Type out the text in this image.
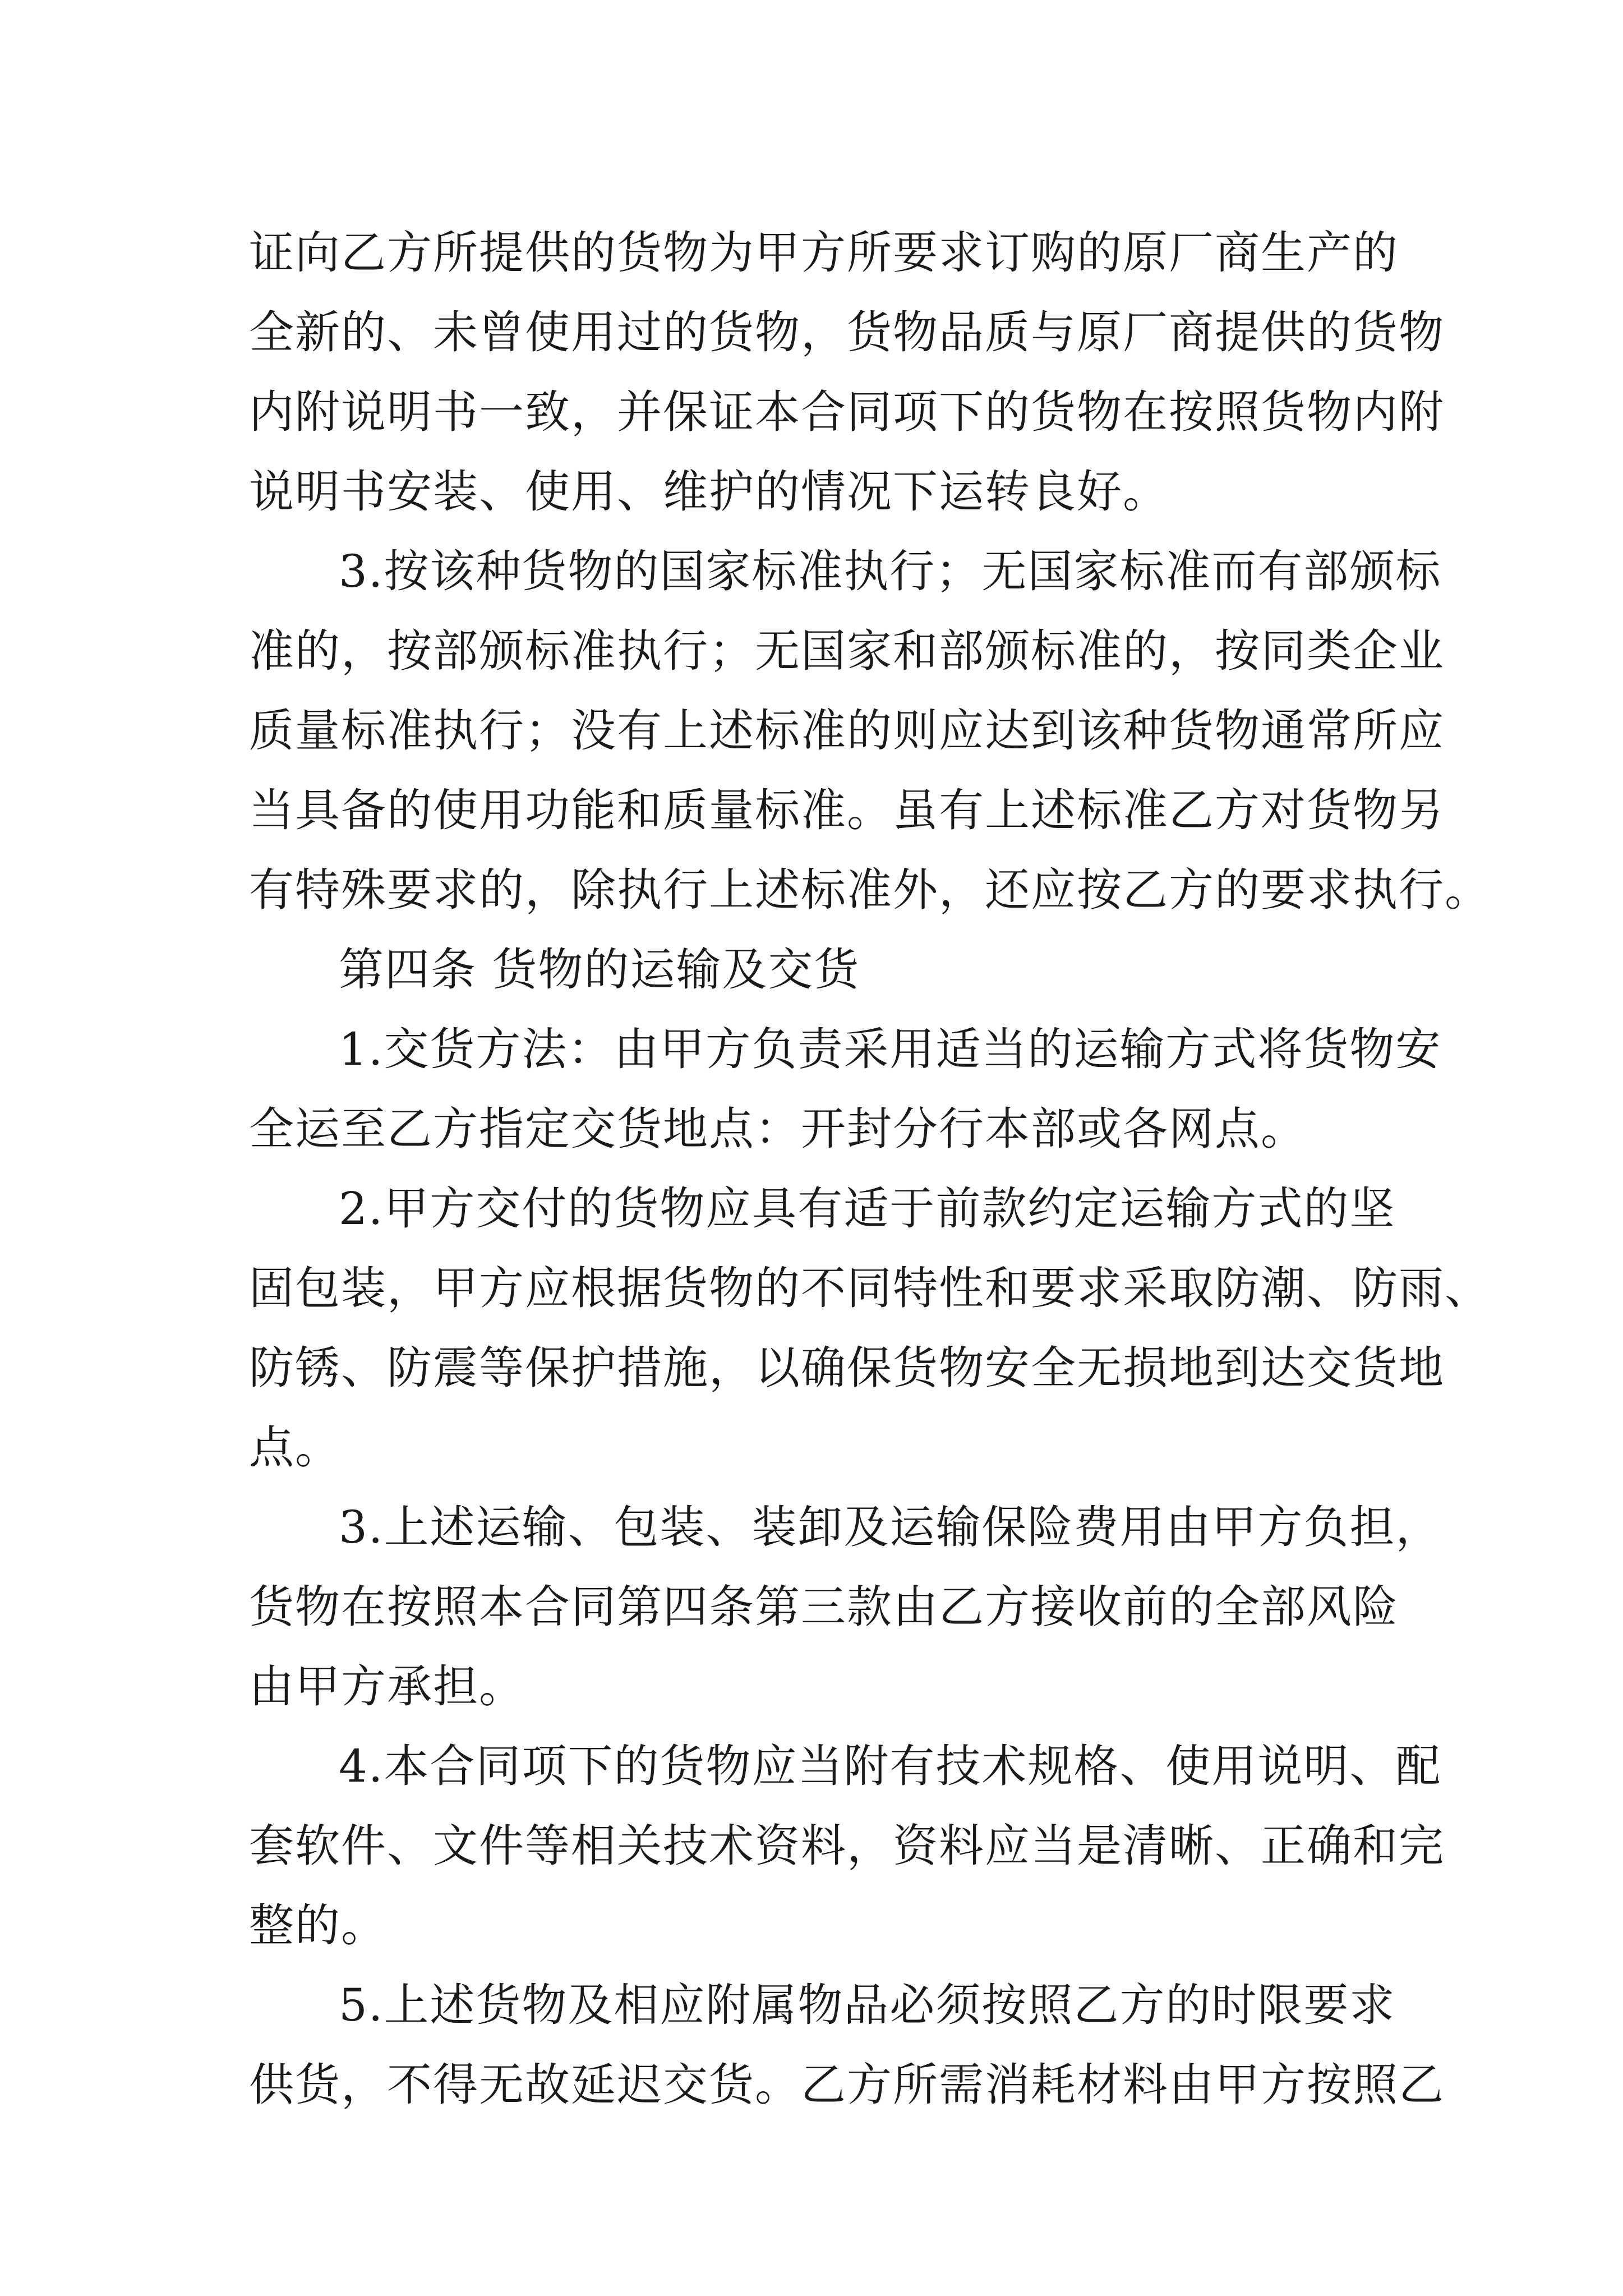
证向乙方所提供的货物为甲方所要求订购的原厂商生产的
全新的、未曾使用过的货物，货物品质与原厂商提供的货物
内附说明书一致，并保证本合同项下的货物在按照货物内附
说明书安装、使用、维护的情况下运转良好。
3.按该种货物的国家标准执行；无国家标准而有部颁标
准的，按部颁标准执行；无国家和部颁标准的，按同类企业
质量标准执行；没有上述标准的则应达到该种货物通常所应
当具备的使用功能和质量标准。虽有上述标准乙方对货物另
有特殊要求的，除执行上述标准外，还应按乙方的要求执行。
第四条 货物的运输及交货
1.交货方法：由甲方负责采用适当的运输方式将货物安
全运至乙方指定交货地点：开封分行本部或各网点。
2.甲方交付的货物应具有适于前款约定运输方式的坚
固包装，甲方应根据货物的不同特性和要求采取防潮、防雨、
防锈、防震等保护措施，以确保货物安全无损地到达交货地
点。
3.上述运输、包装、装卸及运输保险费用由甲方负担，
货物在按照本合同第四条第三款由乙方接收前的全部风险
由甲方承担。
4.本合同项下的货物应当附有技术规格、使用说明、配
套软件、文件等相关技术资料，资料应当是清晰、正确和完
整的。
5.上述货物及相应附属物品必须按照乙方的时限要求
供货，不得无故延迟交货。乙方所需消耗材料由甲方按照乙
